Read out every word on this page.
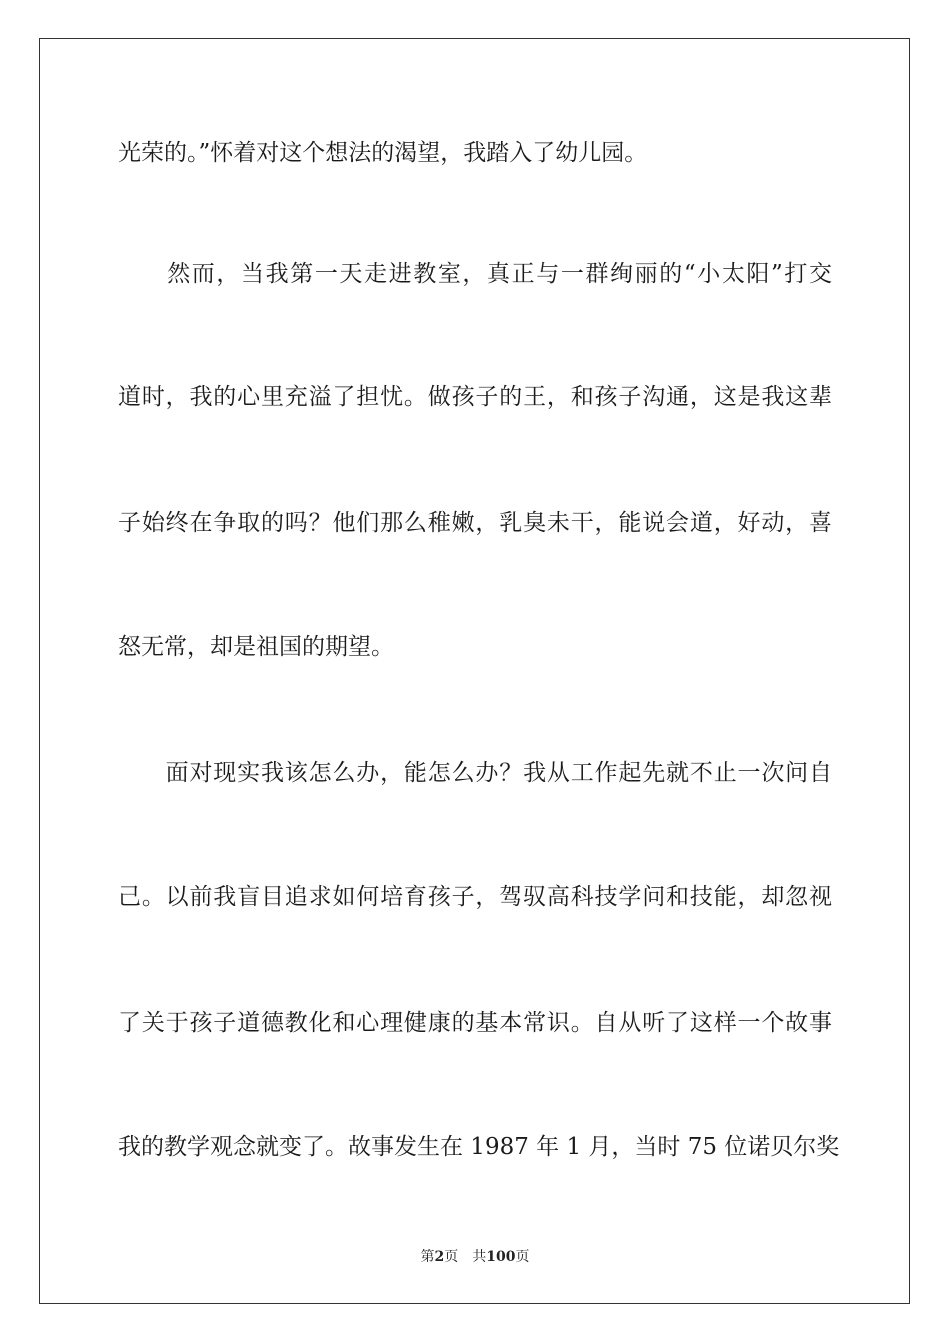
光荣的。”怀着对这个想法的渴望，我踏入了幼儿园。
　　然而，当我第一天走进教室，真正与一群绚丽的“小太阳”打交
道时，我的心里充溢了担忧。做孩子的王，和孩子沟通，这是我这辈
子始终在争取的吗？他们那么稚嫩，乳臭未干，能说会道，好动，喜
怒无常，却是祖国的期望。
　　面对现实我该怎么办，能怎么办？我从工作起先就不止一次问自
己。以前我盲目追求如何培育孩子，驾驭高科技学问和技能，却忽视
了关于孩子道德教化和心理健康的基本常识。自从听了这样一个故事
我的教学观念就变了。故事发生在 1987 年 1 月，当时 75 位诺贝尔奖
第2页 共100页
